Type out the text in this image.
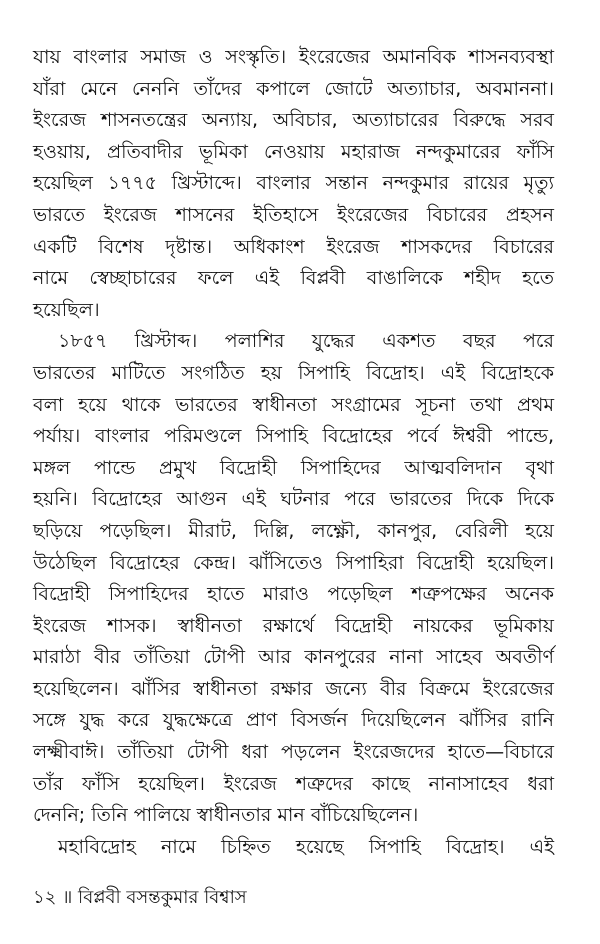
যায় বাংলার সমাজ ও সংস্কৃতি। ইংরেজের অমানবিক শাসনব্যবস্থা
যাঁরা মেনে নেননি তাঁদের কপালে জোটে অত্যাচার, অবমাননা।
ইংরেজ শাসনতন্ত্রের অন্যায়, অবিচার, অত্যাচারের বিরুদ্ধে সরব
হওয়ায়, প্রতিবাদীর ভূমিকা নেওয়ায় মহারাজ নন্দকুমারের ফাঁসি
হয়েছিল ১৭৭৫ খ্রিস্টাব্দে। বাংলার সন্তান নন্দকুমার রায়ের মৃত্যু
ভারতে ইংরেজ শাসনের ইতিহাসে ইংরেজের বিচারের প্রহসন
একটি বিশেষ দৃষ্টান্ত। অধিকাংশ ইংরেজ শাসকদের বিচারের
নামে স্বেচ্ছাচারের ফলে এই বিপ্লবী বাঙালিকে শহীদ হতে
হয়েছিল।
১৮৫৭ খ্রিস্টাব্দ। পলাশির যুদ্ধের একশত বছর পরে
ভারতের মাটিতে সংগঠিত হয় সিপাহি বিদ্রোহ। এই বিদ্রোহকে
বলা হয়ে থাকে ভারতের স্বাধীনতা সংগ্রামের সূচনা তথা প্রথম
পর্যায়। বাংলার পরিমণ্ডলে সিপাহি বিদ্রোহের পর্বে ঈশ্বরী পান্ডে,
মঙ্গল পান্ডে প্রমুখ বিদ্রোহী সিপাহিদের আত্মবলিদান বৃথা
হয়নি। বিদ্রোহের আগুন এই ঘটনার পরে ভারতের দিকে দিকে
ছড়িয়ে পড়েছিল। মীরাট, দিল্লি, লক্ষ্ণৌ, কানপুর, বেরিলী হয়ে
উঠেছিল বিদ্রোহের কেন্দ্র। ঝাঁসিতেও সিপাহিরা বিদ্রোহী হয়েছিল।
বিদ্রোহী সিপাহিদের হাতে মারাও পড়েছিল শত্রুপক্ষের অনেক
ইংরেজ শাসক। স্বাধীনতা রক্ষার্থে বিদ্রোহী নায়কের ভূমিকায়
মারাঠা বীর তাঁতিয়া টোপী আর কানপুরের নানা সাহেব অবতীর্ণ
হয়েছিলেন। ঝাঁসির স্বাধীনতা রক্ষার জন্যে বীর বিক্রমে ইংরেজের
সঙ্গে যুদ্ধ করে যুদ্ধক্ষেত্রে প্রাণ বিসর্জন দিয়েছিলেন ঝাঁসির রানি
লক্ষ্মীবাঈ। তাঁতিয়া টোপী ধরা পড়লেন ইংরেজদের হাতে—বিচারে
তাঁর ফাঁসি হয়েছিল। ইংরেজ শত্রুদের কাছে নানাসাহেব ধরা
দেননি; তিনি পালিয়ে স্বাধীনতার মান বাঁচিয়েছিলেন।
মহাবিদ্রোহ নামে চিহ্নিত হয়েছে সিপাহি বিদ্রোহ। এই
১২ ॥ বিপ্লবী বসন্তকুমার বিশ্বাস
